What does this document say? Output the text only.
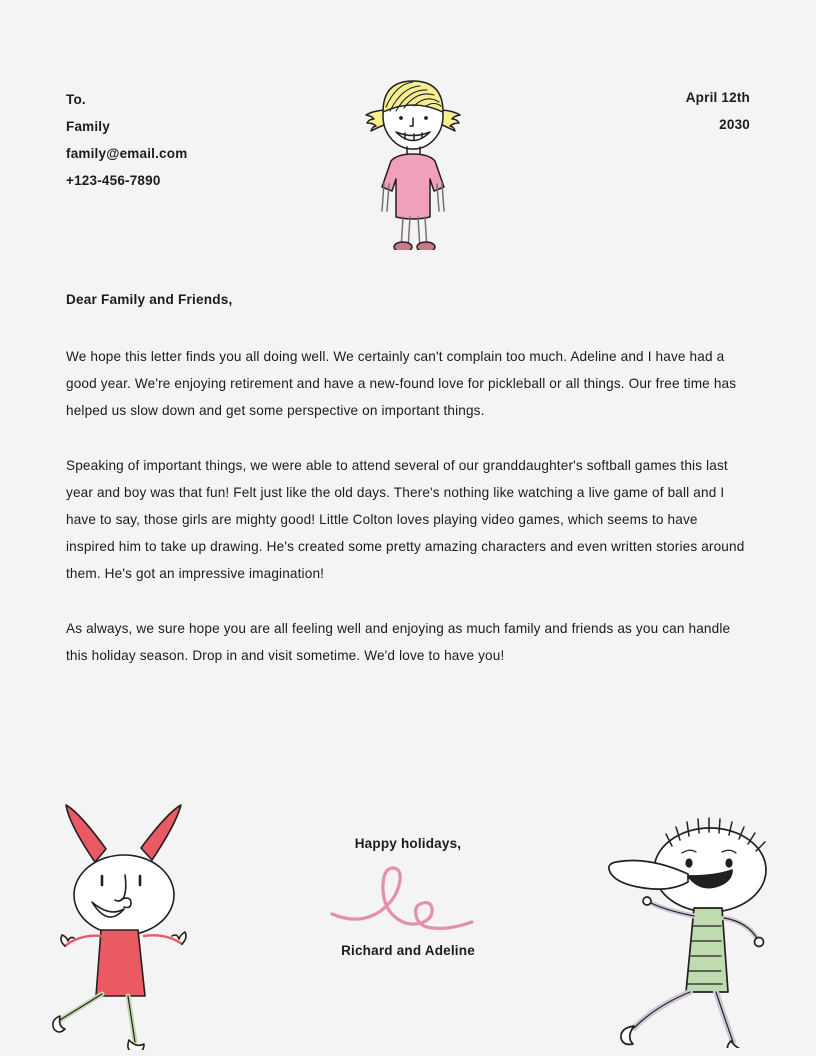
To.
Family
family@email.com
+123-456-7890
April 12th
2030

Dear Family and Friends,

We hope this letter finds you all doing well. We certainly can't complain too much. Adeline and I have had a good year. We're enjoying retirement and have a new-found love for pickleball or all things. Our free time has helped us slow down and get some perspective on important things.

Speaking of important things, we were able to attend several of our granddaughter's softball games this last year and boy was that fun! Felt just like the old days. There's nothing like watching a live game of ball and I have to say, those girls are mighty good! Little Colton loves playing video games, which seems to have inspired him to take up drawing. He's created some pretty amazing characters and even written stories around them. He's got an impressive imagination!

As always, we sure hope you are all feeling well and enjoying as much family and friends as you can handle this holiday season. Drop in and visit sometime. We'd love to have you!

Happy holidays,

Richard and Adeline
